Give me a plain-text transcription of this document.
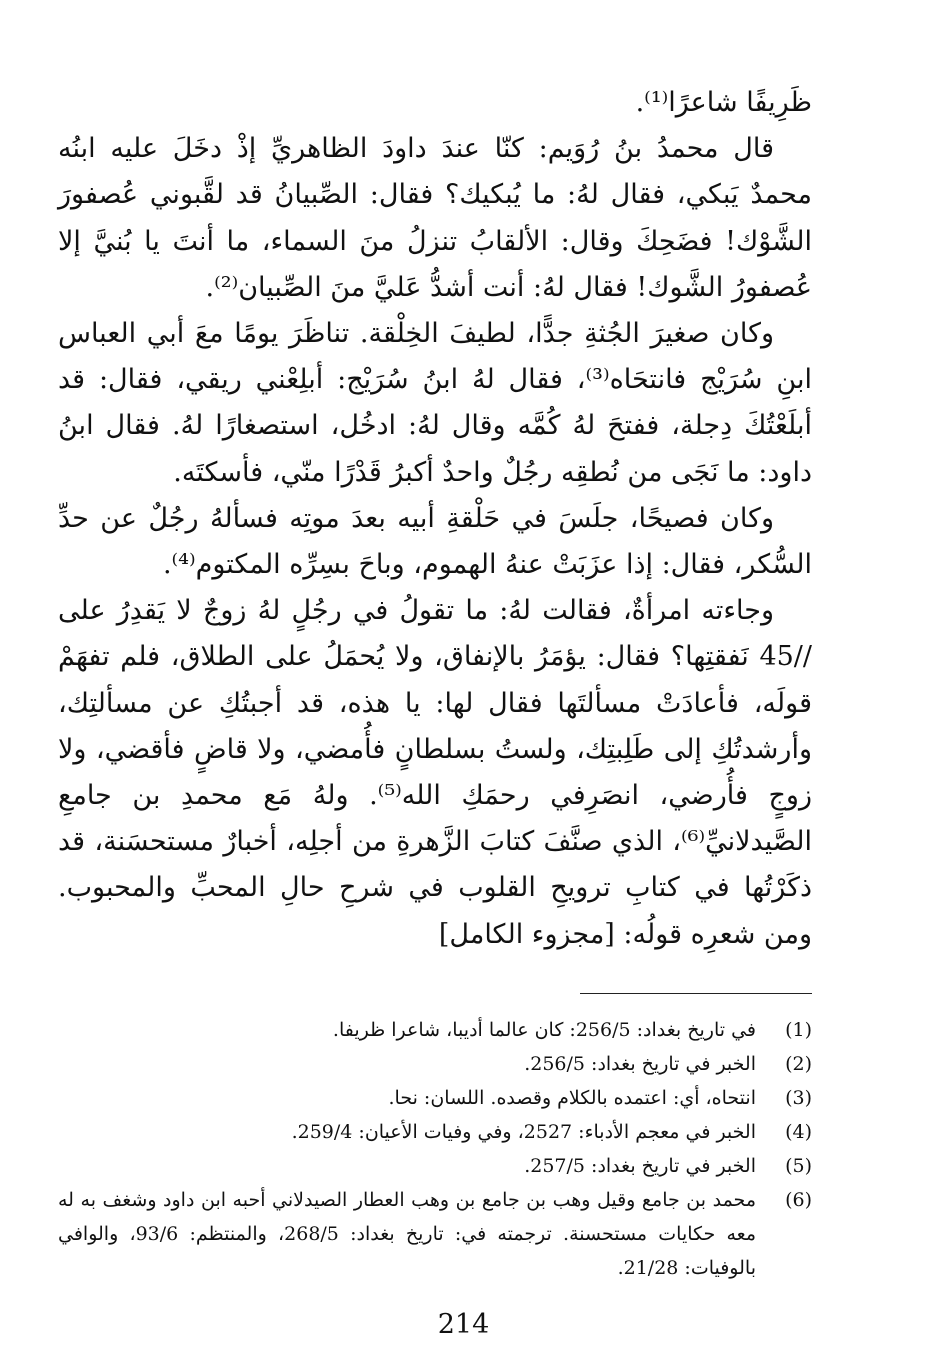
ظَرِيفًا شاعرًا⁽¹⁾.

قال محمدُ بنُ رُوَيم: كنّا عندَ داودَ الظاهريِّ إذْ دخَلَ عليه ابنُه محمدٌ يَبكي، فقال لهُ: ما يُبكيك؟ فقال: الصِّبيانُ قد لقَّبوني عُصفورَ الشَّوْك! فضَحِكَ وقال: الألقابُ تنزلُ منَ السماء، ما أنتَ يا بُنيَّ إلا عُصفورُ الشَّوك! فقال لهُ: أنت أشدُّ عَليَّ منَ الصِّبيان⁽²⁾.

وكان صغيرَ الجُثةِ جدًّا، لطيفَ الخِلْقة. تناظَرَ يومًا معَ أبي العباس ابنِ سُرَيْج فانتحَاه⁽³⁾، فقال لهُ ابنُ سُرَيْج: أبلِعْني ريقي، فقال: قد أبلَعْتُكَ دِجلة، ففتحَ لهُ كُمَّه وقال لهُ: ادخُل، استصغارًا لهُ. فقال ابنُ داود: ما نَجَى من نُطقِه رجُلٌ واحدٌ أكبرُ قَدْرًا منّي، فأسكتَه.

وكان فصيحًا، جلَسَ في حَلْقةِ أبيه بعدَ موتِه فسألهُ رجُلٌ عن حدِّ السُّكر، فقال: إذا عزَبَتْ عنهُ الهموم، وباحَ بسِرِّه المكتوم⁽⁴⁾.

وجاءته امرأةٌ، فقالت لهُ: ما تقولُ في رجُلٍ لهُ زوجٌ لا يَقدِرُ على //45 نَفقتِها؟ فقال: يؤمَرُ بالإنفاق، ولا يُحمَلُ على الطلاق، فلم تفهَمْ قولَه، فأعادَتْ مسألتَها فقال لها: يا هذه، قد أجبتُكِ عن مسألتِك، وأرشدتُكِ إلى طَلِبتِك، ولستُ بسلطانٍ فأُمضي، ولا قاضٍ فأقضي، ولا زوجٍ فأُرضي، انصَرِفي رحمَكِ الله⁽⁵⁾. ولهُ مَع محمدِ بن جامعِ الصَّيدلانيِّ⁽⁶⁾، الذي صنَّفَ كتابَ الزَّهرةِ من أجلِه، أخبارٌ مستحسَنة، قد ذكَرْتُها في كتابِ ترويحِ القلوب في شرحِ حالِ المحبِّ والمحبوب. ومن شعرِه قولُه: [مجزوء الكامل]

(1)
في تاريخ بغداد: 256/5: كان عالما أديبا، شاعرا ظريفا.
(2)
الخبر في تاريخ بغداد: 256/5.
(3)
انتحاه، أي: اعتمده بالكلام وقصده. اللسان: نحا.
(4)
الخبر في معجم الأدباء: 2527، وفي وفيات الأعيان: 259/4.
(5)
الخبر في تاريخ بغداد: 257/5.
(6)
محمد بن جامع وقيل وهب بن جامع بن وهب العطار الصيدلاني أحبه ابن داود وشغف به له معه حكايات مستحسنة. ترجمته في: تاريخ بغداد: 268/5، والمنتظم: 93/6، والوافي بالوفيات: 21/28.
214
